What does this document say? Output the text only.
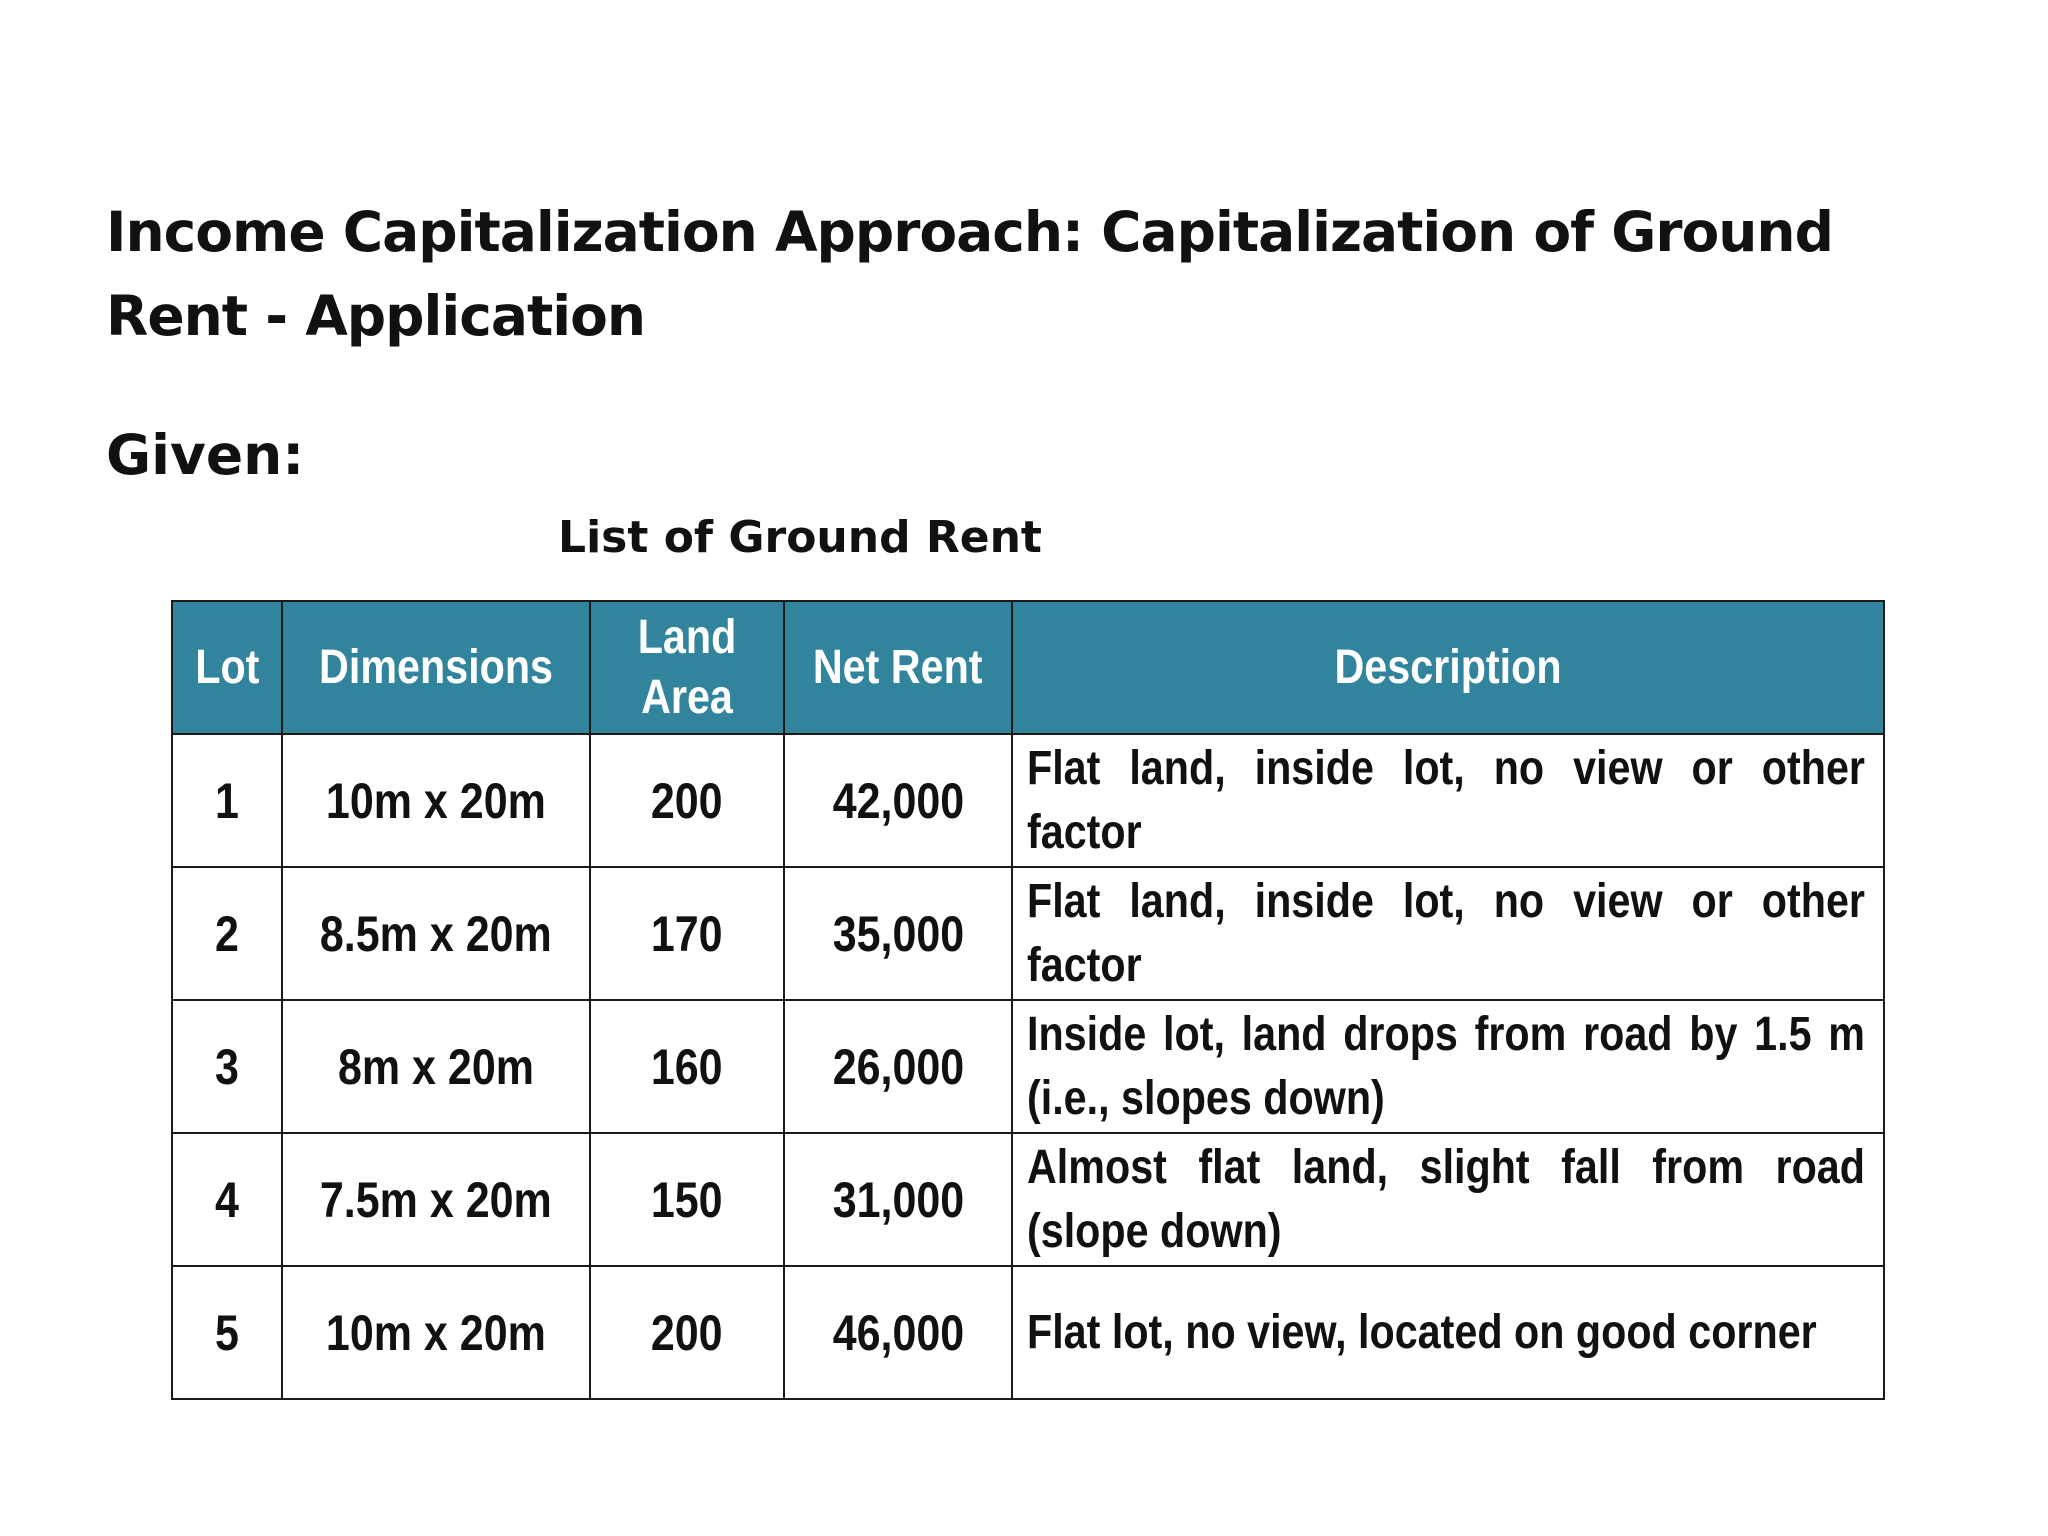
Income Capitalization Approach: Capitalization of Ground Rent - Application
Given:
List of Ground Rent
Lot	Dimensions	Land Area	Net Rent	Description
1	10m x 20m	200	42,000	Flat land, inside lot, no view or other factor

2	8.5m x 20m	170	35,000	Flat land, inside lot, no view or other factor

3	8m x 20m	160	26,000	Inside lot, land drops from road by 1.5 m (i.e., slopes down)

4	7.5m x 20m	150	31,000	Almost flat land, slight fall from road (slope down)

5	10m x 20m	200	46,000	Flat lot, no view, located on good corner
